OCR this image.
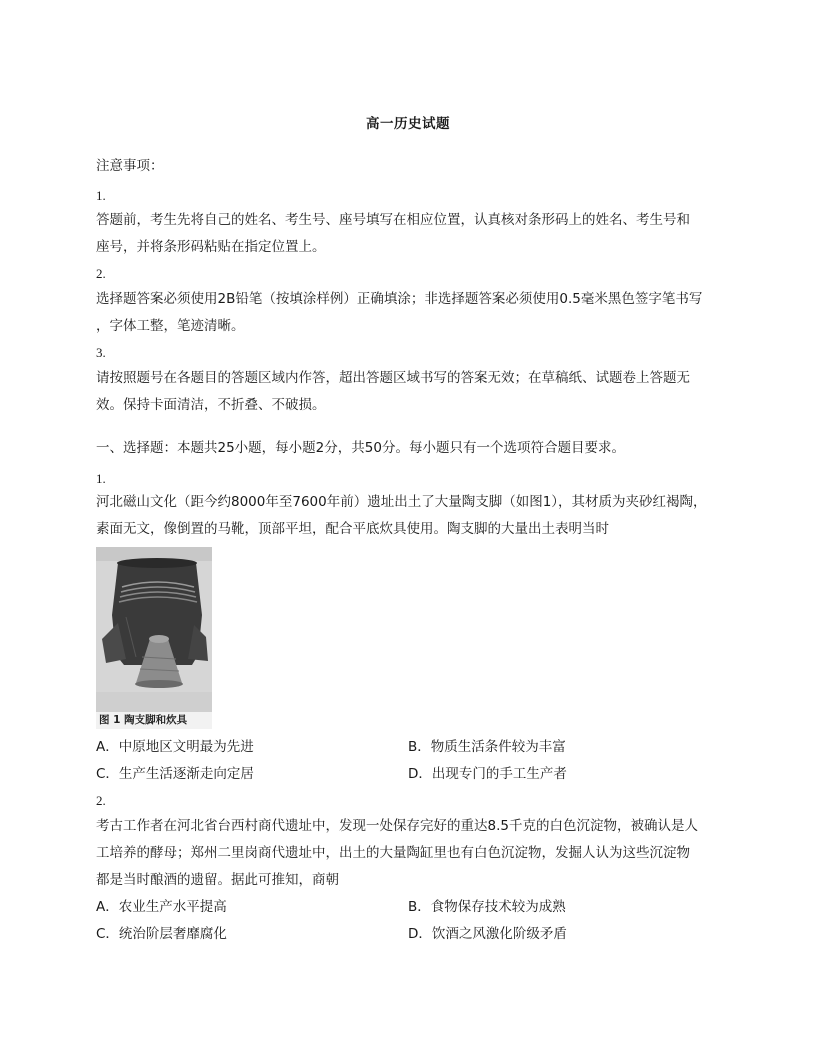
高一历史试题
注意事项：
1.
答题前，考生先将自己的姓名、考生号、座号填写在相应位置，认真核对条形码上的姓名、考生号和
座号，并将条形码粘贴在指定位置上。
2.
选择题答案必须使用2B铅笔（按填涂样例）正确填涂；非选择题答案必须使用0.5毫米黑色签字笔书写
，字体工整，笔迹清晰。
3.
请按照题号在各题目的答题区域内作答，超出答题区域书写的答案无效；在草稿纸、试题卷上答题无
效。保持卡面清洁，不折叠、不破损。
一、选择题：本题共25小题，每小题2分，共50分。每小题只有一个选项符合题目要求。
1.
河北磁山文化（距今约8000年至7600年前）遗址出土了大量陶支脚（如图1），其材质为夹砂红褐陶，
素面无文，像倒置的马靴，顶部平坦，配合平底炊具使用。陶支脚的大量出土表明当时
图 1 陶支脚和炊具
A．中原地区文明最为先进	B．物质生活条件较为丰富
C．生产生活逐渐走向定居	D．出现专门的手工生产者
2.
考古工作者在河北省台西村商代遗址中，发现一处保存完好的重达8.5千克的白色沉淀物，被确认是人
工培养的酵母；郑州二里岗商代遗址中，出土的大量陶缸里也有白色沉淀物，发掘人认为这些沉淀物
都是当时酿酒的遗留。据此可推知，商朝
A．农业生产水平提高	B．食物保存技术较为成熟
C．统治阶层奢靡腐化	D．饮酒之风激化阶级矛盾
